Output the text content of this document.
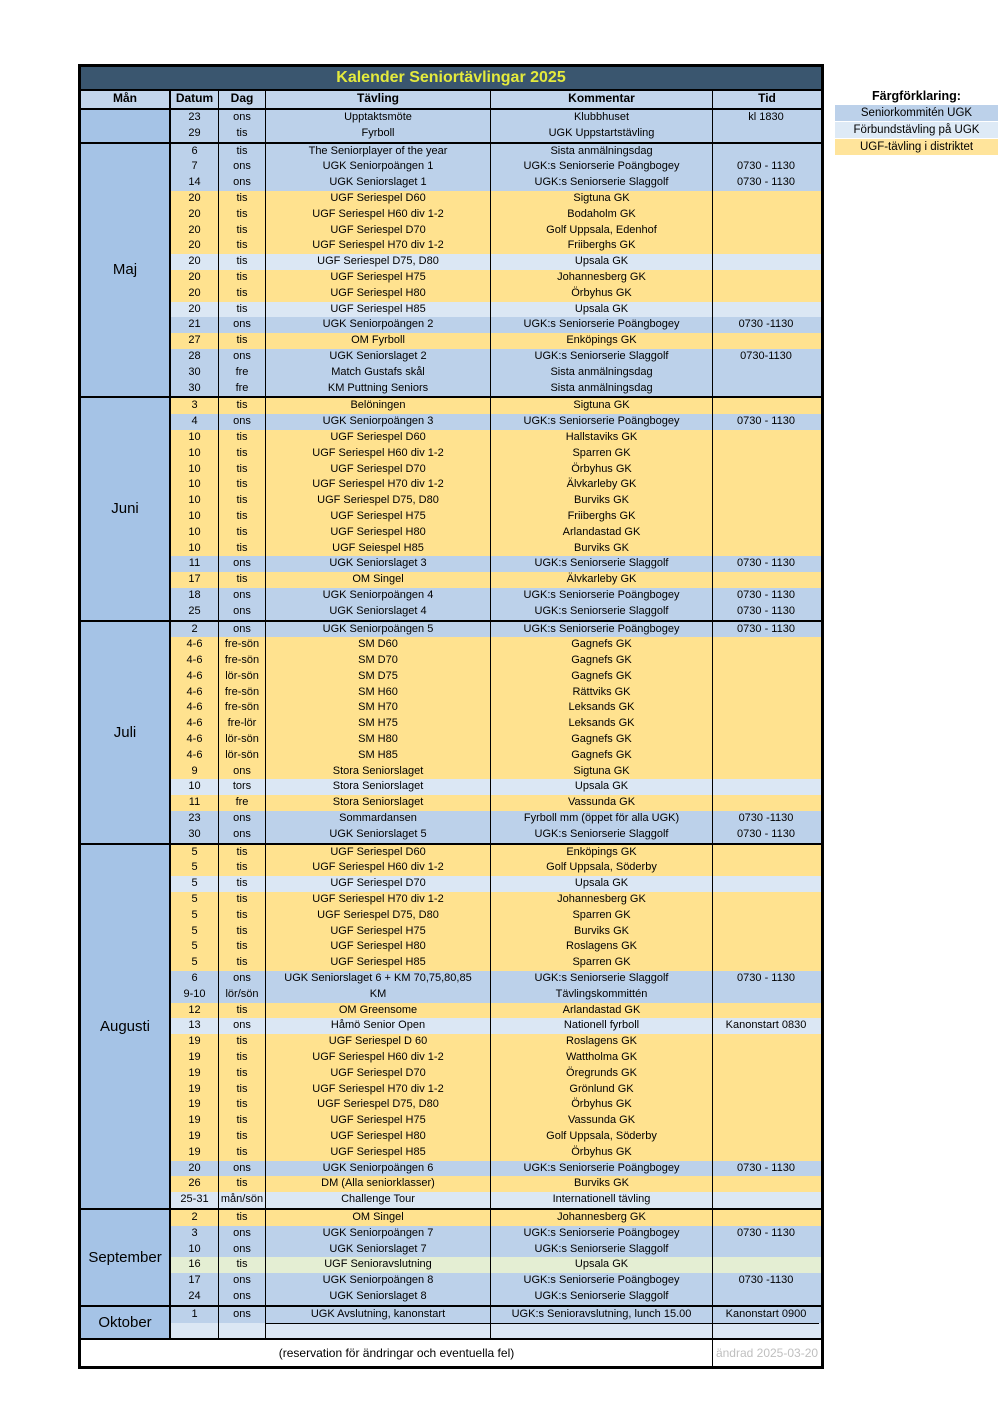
Kalender Seniortävlingar 2025
Mån	Datum	Dag	Tävling	Kommentar	Tid
23	ons	Upptaktsmöte	Klubbhuset	kl 1830
29	tis	Fyrboll	UGK Uppstartstävling
Maj
6	tis	The Seniorplayer of the year	Sista anmälningsdag
7	ons	UGK Seniorpoängen 1	UGK:s Seniorserie Poängbogey	0730 - 1130
14	ons	UGK Seniorslaget 1	UGK:s Seniorserie Slaggolf	0730 - 1130
20	tis	UGF Seriespel D60	Sigtuna GK
20	tis	UGF Seriespel H60 div 1-2	Bodaholm GK
20	tis	UGF Seriespel D70	Golf Uppsala, Edenhof
20	tis	UGF Seriespel H70 div 1-2	Friiberghs GK
20	tis	UGF Seriespel D75, D80	Upsala GK
20	tis	UGF Seriespel H75	Johannesberg GK
20	tis	UGF Seriespel H80	Örbyhus GK
20	tis	UGF Seriespel H85	Upsala GK
21	ons	UGK Seniorpoängen 2	UGK:s Seniorserie Poängbogey	0730 -1130
27	tis	OM Fyrboll	Enköpings GK
28	ons	UGK Seniorslaget 2	UGK:s Seniorserie Slaggolf	0730-1130
30	fre	Match Gustafs skål	Sista anmälningsdag
30	fre	KM Puttning Seniors	Sista anmälningsdag
Juni
3	tis	Belöningen	Sigtuna GK
4	ons	UGK Seniorpoängen 3	UGK:s Seniorserie Poängbogey	0730 - 1130
10	tis	UGF Seriespel D60	Hallstaviks GK
10	tis	UGF Seriespel H60 div 1-2	Sparren GK
10	tis	UGF Seriespel D70	Örbyhus GK
10	tis	UGF Seriespel H70 div 1-2	Älvkarleby GK
10	tis	UGF Seriespel D75, D80	Burviks GK
10	tis	UGF Seriespel H75	Friiberghs GK
10	tis	UGF Seriespel H80	Arlandastad GK
10	tis	UGF Seiespel H85	Burviks GK
11	ons	UGK Seniorslaget 3	UGK:s Seniorserie Slaggolf	0730 - 1130
17	tis	OM Singel	Älvkarleby GK
18	ons	UGK Seniorpoängen 4	UGK:s Seniorserie Poängbogey	0730 - 1130
25	ons	UGK Seniorslaget 4	UGK:s Seniorserie Slaggolf	0730 - 1130
Juli
2	ons	UGK Seniorpoängen 5	UGK:s Seniorserie Poängbogey	0730 - 1130
4-6	fre-sön	SM D60	Gagnefs GK
4-6	fre-sön	SM D70	Gagnefs GK
4-6	lör-sön	SM D75	Gagnefs GK
4-6	fre-sön	SM H60	Rättviks GK
4-6	fre-sön	SM H70	Leksands GK
4-6	fre-lör	SM H75	Leksands GK
4-6	lör-sön	SM H80	Gagnefs GK
4-6	lör-sön	SM H85	Gagnefs GK
9	ons	Stora Seniorslaget	Sigtuna GK
10	tors	Stora Seniorslaget	Upsala GK
11	fre	Stora Seniorslaget	Vassunda GK
23	ons	Sommardansen	Fyrboll mm (öppet för alla UGK)	0730 -1130
30	ons	UGK Seniorslaget 5	UGK:s Seniorserie Slaggolf	0730 - 1130
Augusti
5	tis	UGF Seriespel D60	Enköpings GK
5	tis	UGF Seriespel H60 div 1-2	Golf Uppsala, Söderby
5	tis	UGF Seriespel D70	Upsala GK
5	tis	UGF Seriespel H70 div 1-2	Johannesberg GK
5	tis	UGF Seriespel D75, D80	Sparren GK
5	tis	UGF Seriespel H75	Burviks GK
5	tis	UGF Seriespel H80	Roslagens GK
5	tis	UGF Seriespel H85	Sparren GK
6	ons	UGK Seniorslaget 6 + KM 70,75,80,85	UGK:s Seniorserie Slaggolf	0730 - 1130
9-10	lör/sön	KM	Tävlingskommittén
12	tis	OM Greensome	Arlandastad GK
13	ons	Håmö Senior Open	Nationell fyrboll	Kanonstart 0830
19	tis	UGF Seriespel D 60	Roslagens GK
19	tis	UGF Seriespel H60 div 1-2	Wattholma GK
19	tis	UGF Seriespel D70	Öregrunds GK
19	tis	UGF Seriespel H70 div 1-2	Grönlund GK
19	tis	UGF Seriespel D75, D80	Örbyhus GK
19	tis	UGF Seriespel H75	Vassunda GK
19	tis	UGF Seriespel H80	Golf Uppsala, Söderby
19	tis	UGF Seriespel H85	Örbyhus GK
20	ons	UGK Seniorpoängen 6	UGK:s Seniorserie Poängbogey	0730 - 1130
26	tis	DM (Alla seniorklasser)	Burviks GK
25-31	mån/sön	Challenge Tour	Internationell tävling
September
2	tis	OM Singel	Johannesberg GK
3	ons	UGK Seniorpoängen 7	UGK:s Seniorserie Poängbogey	0730 - 1130
10	ons	UGK Seniorslaget 7	UGK:s Seniorserie Slaggolf
16	tis	UGF Senioravslutning	Upsala GK
17	ons	UGK Seniorpoängen 8	UGK:s Seniorserie Poängbogey	0730 -1130
24	ons	UGK Seniorslaget 8	UGK:s Seniorserie Slaggolf
Oktober
1	ons	UGK Avslutning, kanonstart	UGK:s Senioravslutning, lunch 15.00	Kanonstart 0900
(reservation för ändringar och eventuella fel)	ändrad 2025-03-20
Färgförklaring:
Seniorkommitén UGK
Förbundstävling på UGK
UGF-tävling i distriktet
